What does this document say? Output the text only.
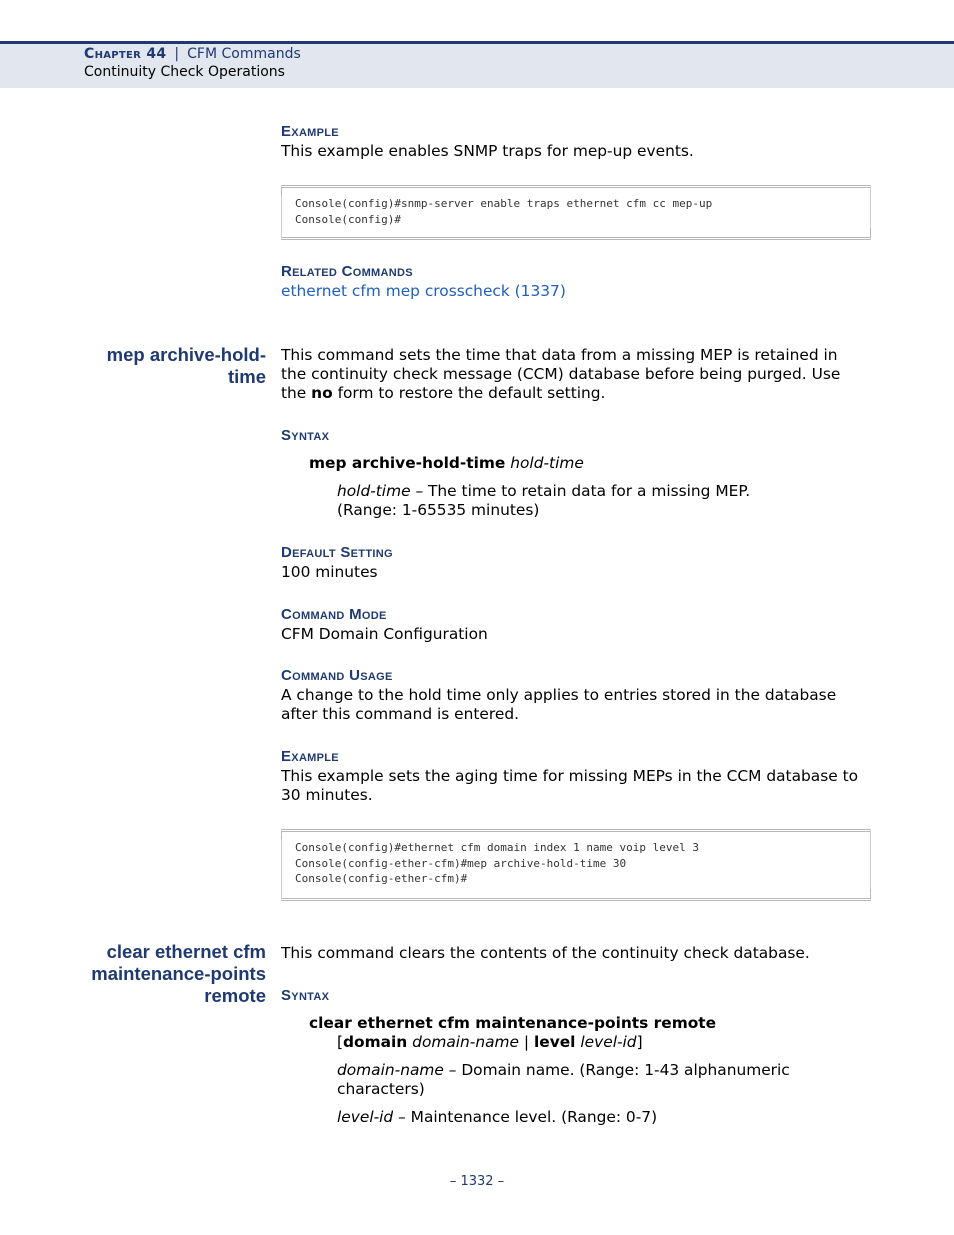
Chapter 44 | CFM Commands
Continuity Check Operations
Example
This example enables SNMP traps for mep-up events.
Console(config)#snmp-server enable traps ethernet cfm cc mep-up
Console(config)#
Related Commands
ethernet cfm mep crosscheck (1337)
mep archive-hold-
time
This command sets the time that data from a missing MEP is retained in
the continuity check message (CCM) database before being purged. Use
the no form to restore the default setting.
Syntax
mep archive-hold-time hold-time
hold-time – The time to retain data for a missing MEP.
(Range: 1-65535 minutes)
Default Setting
100 minutes
Command Mode
CFM Domain Configuration
Command Usage
A change to the hold time only applies to entries stored in the database
after this command is entered.
Example
This example sets the aging time for missing MEPs in the CCM database to
30 minutes.
Console(config)#ethernet cfm domain index 1 name voip level 3
Console(config-ether-cfm)#mep archive-hold-time 30
Console(config-ether-cfm)#
clear ethernet cfm
maintenance-points
remote
This command clears the contents of the continuity check database.
Syntax
clear ethernet cfm maintenance-points remote
[domain domain-name | level level-id]
domain-name – Domain name. (Range: 1-43 alphanumeric
characters)
level-id – Maintenance level. (Range: 0-7)
– 1332 –
